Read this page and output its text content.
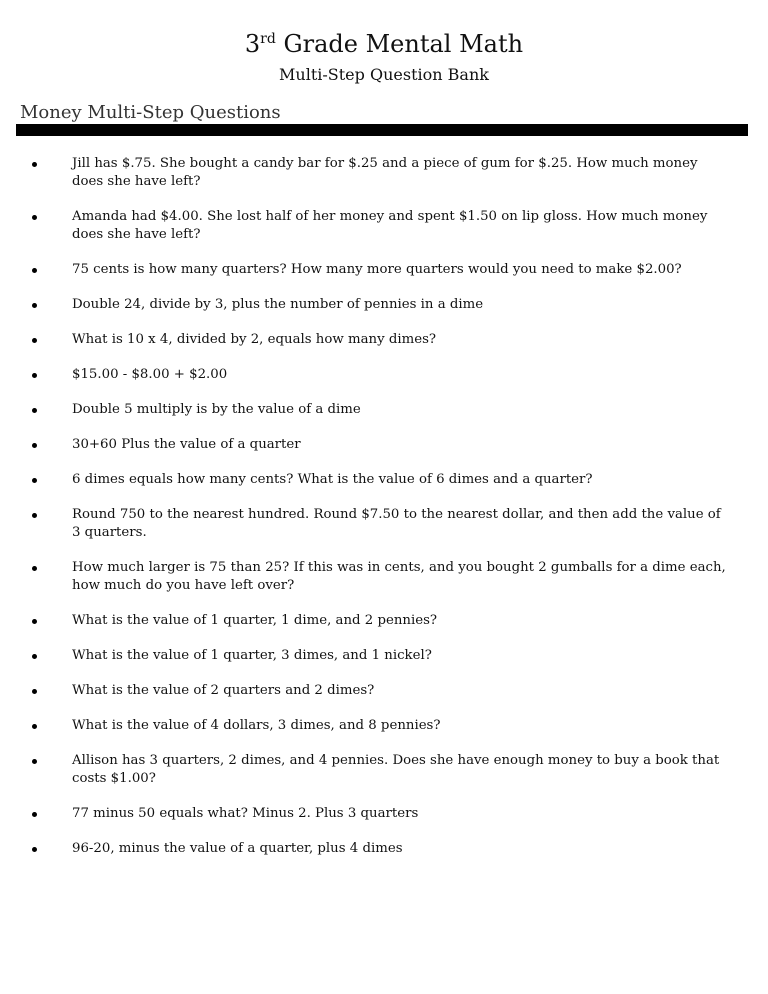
3rd Grade Mental Math

Multi-Step Question Bank

Money Multi-Step Questions
Jill has $.75. She bought a candy bar for $.25 and a piece of gum for $.25. How much money does she have left?
Amanda had $4.00. She lost half of her money and spent $1.50 on lip gloss. How much money does she have left?
75 cents is how many quarters? How many more quarters would you need to make $2.00?
Double 24, divide by 3, plus the number of pennies in a dime
What is 10 x 4, divided by 2, equals how many dimes?
$15.00 - $8.00 + $2.00
Double 5 multiply is by the value of a dime
30+60 Plus the value of a quarter
6 dimes equals how many cents? What is the value of 6 dimes and a quarter?
Round 750 to the nearest hundred. Round $7.50 to the nearest dollar, and then add the value of 3 quarters.
How much larger is 75 than 25? If this was in cents, and you bought 2 gumballs for a dime each, how much do you have left over?
What is the value of 1 quarter, 1 dime, and 2 pennies?
What is the value of 1 quarter, 3 dimes, and 1 nickel?
What is the value of 2 quarters and 2 dimes?
What is the value of 4 dollars, 3 dimes, and 8 pennies?
Allison has 3 quarters, 2 dimes, and 4 pennies. Does she have enough money to buy a book that costs $1.00?
77 minus 50 equals what? Minus 2. Plus 3 quarters
96-20, minus the value of a quarter, plus 4 dimes
